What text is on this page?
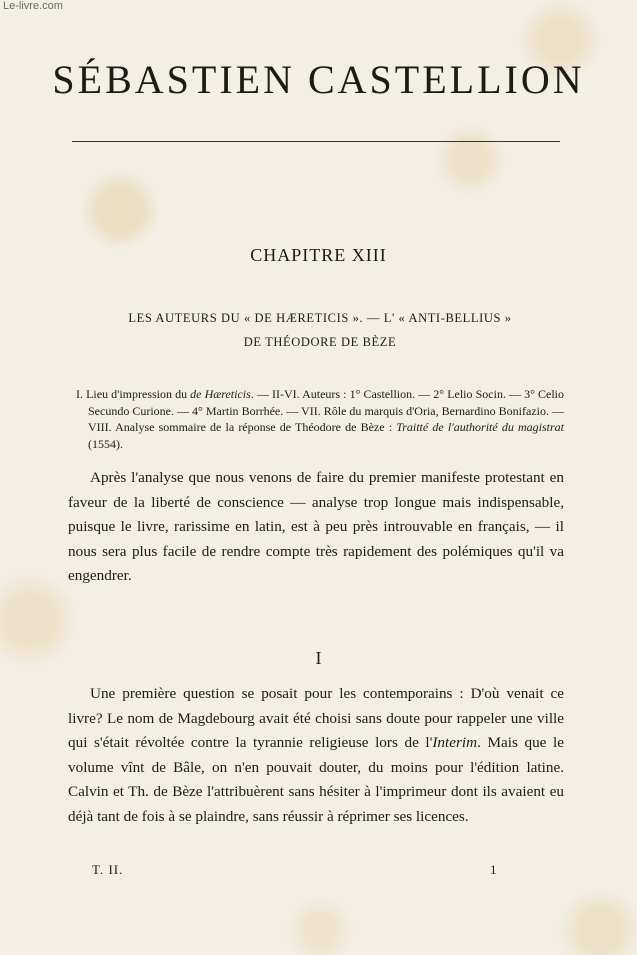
Le-livre.com
SÉBASTIEN CASTELLION
CHAPITRE XIII
LES AUTEURS DU « DE HÆRETICIS ». — L' « ANTI-BELLIUS »
DE THÉODORE DE BÈZE

I. Lieu d'impression du de Hæreticis. — II-VI. Auteurs : 1° Castellion. — 2° Lelio Socin. — 3° Celio Secundo Curione. — 4° Martin Borrhée. — VII. Rôle du marquis d'Oria, Bernardino Bonifazio. — VIII. Analyse sommaire de la réponse de Théodore de Bèze : Traitté de l'authorité du magistrat (1554).

Après l'analyse que nous venons de faire du premier manifeste protestant en faveur de la liberté de conscience — analyse trop longue mais indispensable, puisque le livre, rarissime en latin, est à peu près introuvable en français, — il nous sera plus facile de rendre compte très rapidement des polémiques qu'il va engendrer.

I

Une première question se posait pour les contemporains : D'où venait ce livre? Le nom de Magdebourg avait été choisi sans doute pour rappeler une ville qui s'était révoltée contre la tyrannie religieuse lors de l'Interim. Mais que le volume vînt de Bâle, on n'en pouvait douter, du moins pour l'édition latine. Calvin et Th. de Bèze l'attribuèrent sans hésiter à l'imprimeur dont ils avaient eu déjà tant de fois à se plaindre, sans réussir à réprimer ses licences.

T. II.	1
